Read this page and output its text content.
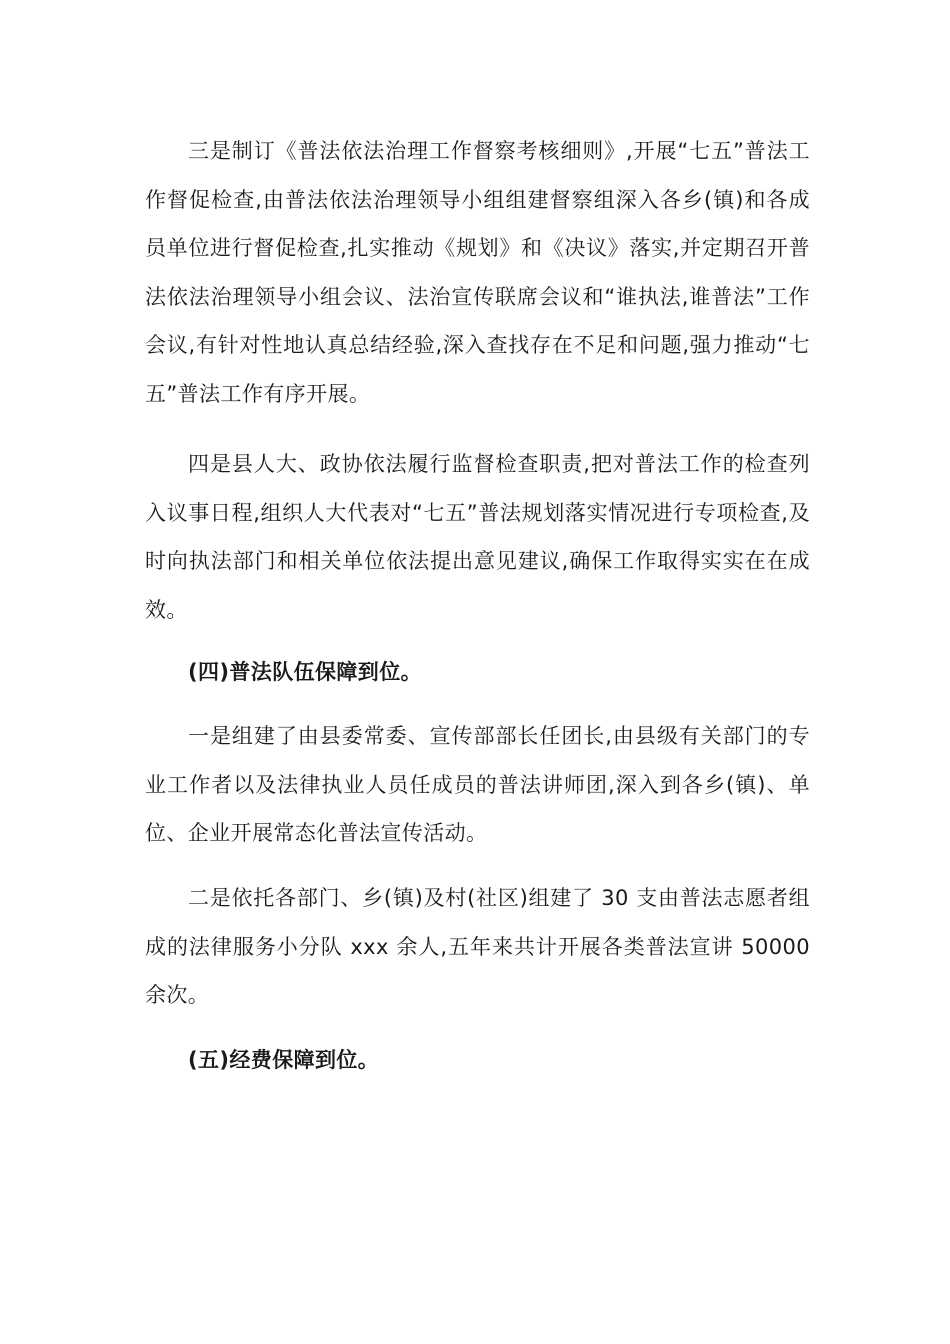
三是制订《普法依法治理工作督察考核细则》,开展“七五”普法工作督促检查,由普法依法治理领导小组组建督察组深入各乡(镇)和各成员单位进行督促检查,扎实推动《规划》和《决议》落实,并定期召开普法依法治理领导小组会议、法治宣传联席会议和“谁执法,谁普法”工作会议,有针对性地认真总结经验,深入查找存在不足和问题,强力推动“七五”普法工作有序开展。

四是县人大、政协依法履行监督检查职责,把对普法工作的检查列入议事日程,组织人大代表对“七五”普法规划落实情况进行专项检查,及时向执法部门和相关单位依法提出意见建议,确保工作取得实实在在成效。

(四)普法队伍保障到位。

一是组建了由县委常委、宣传部部长任团长,由县级有关部门的专业工作者以及法律执业人员任成员的普法讲师团,深入到各乡(镇)、单位、企业开展常态化普法宣传活动。

二是依托各部门、乡(镇)及村(社区)组建了 30 支由普法志愿者组成的法律服务小分队 xxx 余人,五年来共计开展各类普法宣讲 50000 余次。

(五)经费保障到位。
